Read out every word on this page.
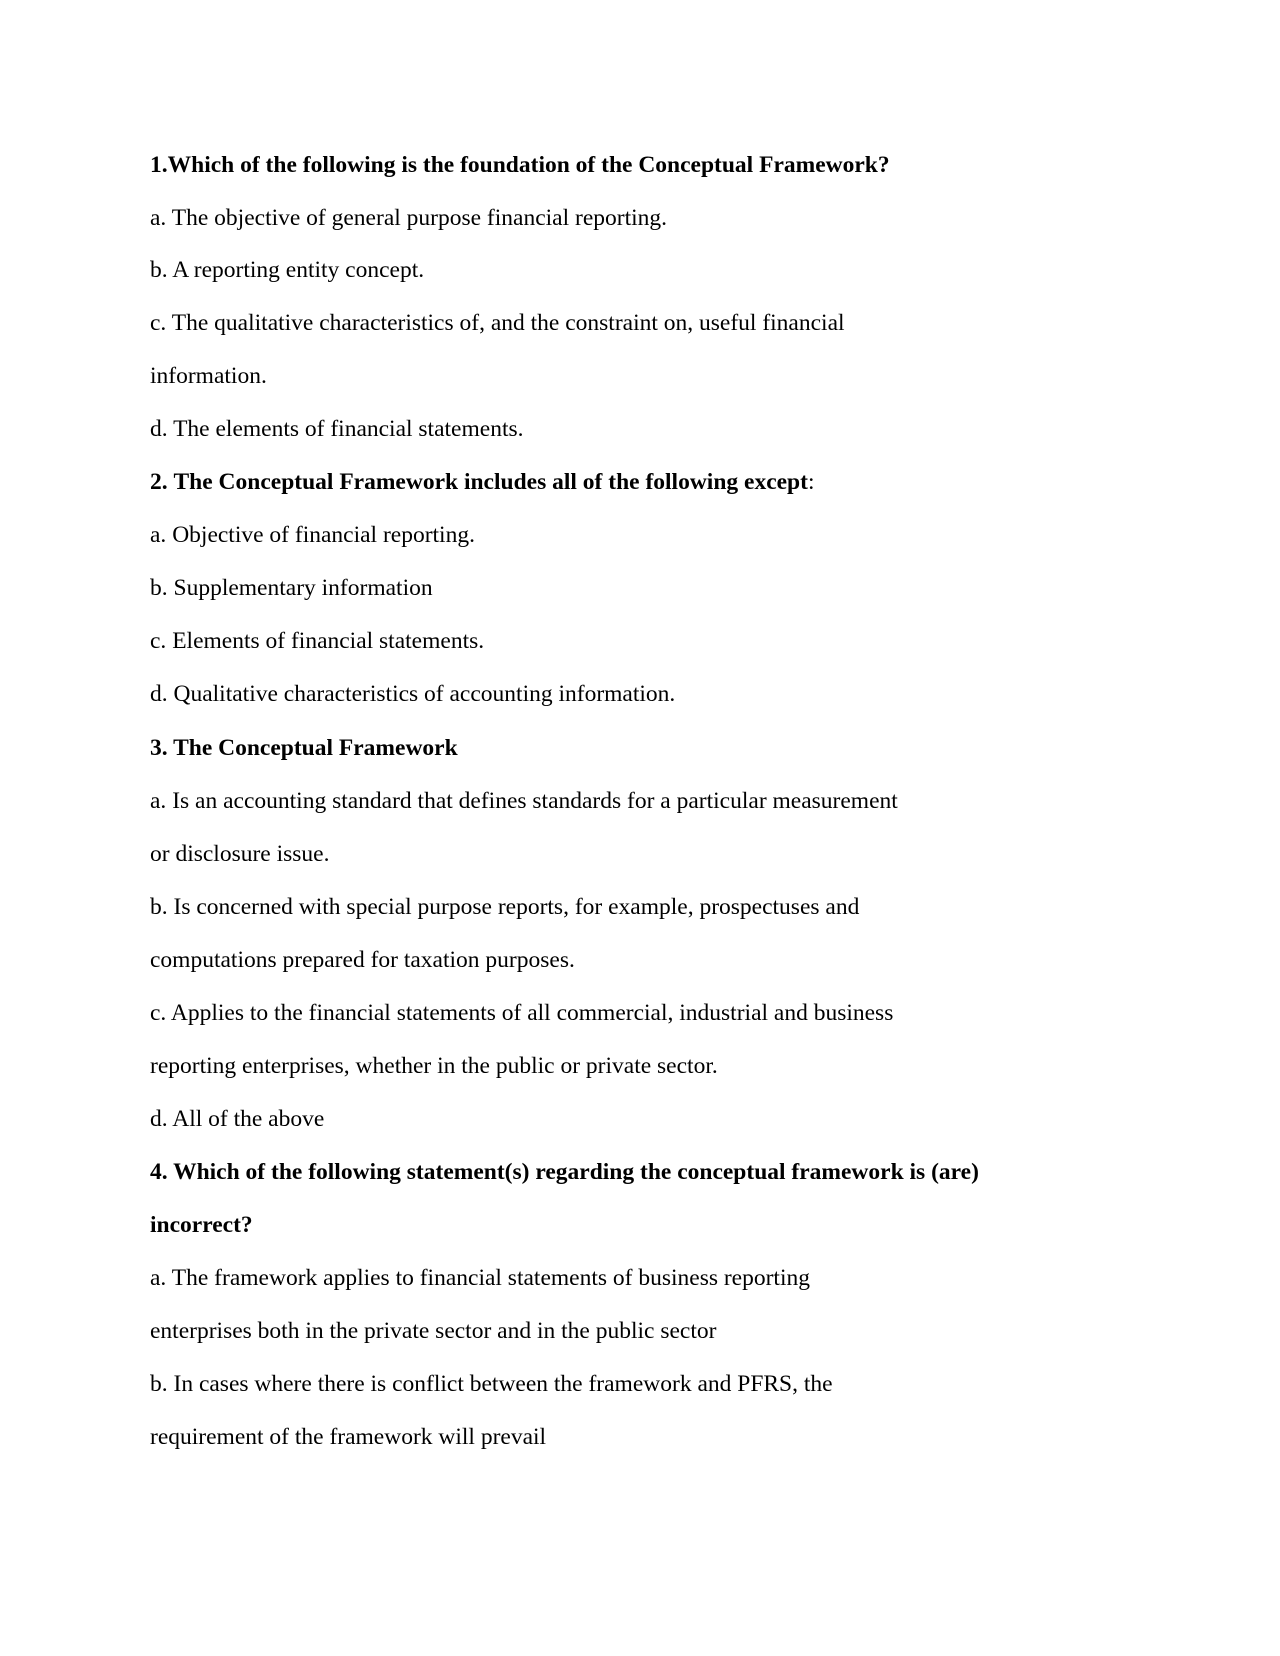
1.Which of the following is the foundation of the Conceptual Framework?
a. The objective of general purpose financial reporting.
b. A reporting entity concept.
c. The qualitative characteristics of, and the constraint on, useful financial
information.
d. The elements of financial statements.
2. The Conceptual Framework includes all of the following except:
a. Objective of financial reporting.
b. Supplementary information
c. Elements of financial statements.
d. Qualitative characteristics of accounting information.
3. The Conceptual Framework
a. Is an accounting standard that defines standards for a particular measurement
or disclosure issue.
b. Is concerned with special purpose reports, for example, prospectuses and
computations prepared for taxation purposes.
c. Applies to the financial statements of all commercial, industrial and business
reporting enterprises, whether in the public or private sector.
d. All of the above
4. Which of the following statement(s) regarding the conceptual framework is (are)
incorrect?
a. The framework applies to financial statements of business reporting
enterprises both in the private sector and in the public sector
b. In cases where there is conflict between the framework and PFRS, the
requirement of the framework will prevail
